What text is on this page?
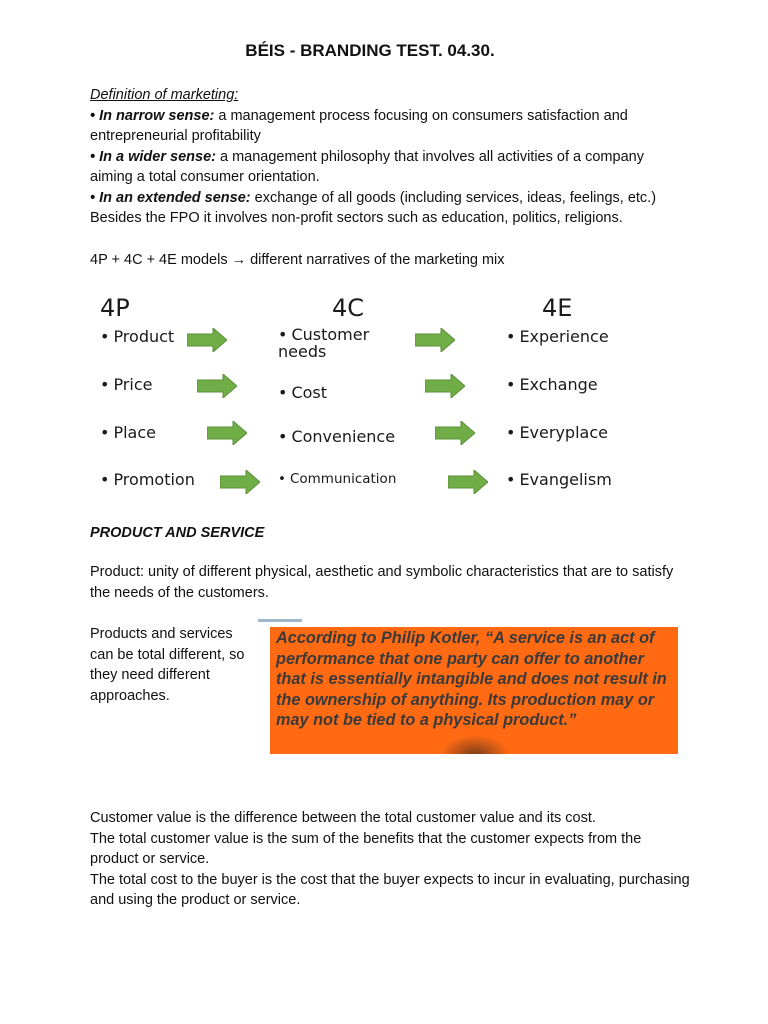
BÉIS - BRANDING TEST. 04.30.
Definition of marketing:
• In narrow sense: a management process focusing on consumers satisfaction and entrepreneurial profitability
• In a wider sense: a management philosophy that involves all activities of a company aiming a total consumer orientation.
• In an extended sense: exchange of all goods (including services, ideas, feelings, etc.) Besides the FPO it involves non-profit sectors such as education, politics, religions.
4P + 4C + 4E models → different narratives of the marketing mix
4P	4C	4E
• Product
• Price
• Place
• Promotion
• Customer needs
• Cost
• Convenience
• Communication
• Experience
• Exchange
• Everyplace
• Evangelism
PRODUCT AND SERVICE
Product: unity of different physical, aesthetic and symbolic characteristics that are to satisfy the needs of the customers.
Products and services can be total different, so they need different approaches.
According to Philip Kotler, “A service is an act of performance that one party can offer to another that is essentially intangible and does not result in the ownership of anything. Its production may or may not be tied to a physical product.”
Customer value is the difference between the total customer value and its cost.
The total customer value is the sum of the benefits that the customer expects from the product or service.
The total cost to the buyer is the cost that the buyer expects to incur in evaluating, purchasing and using the product or service.
